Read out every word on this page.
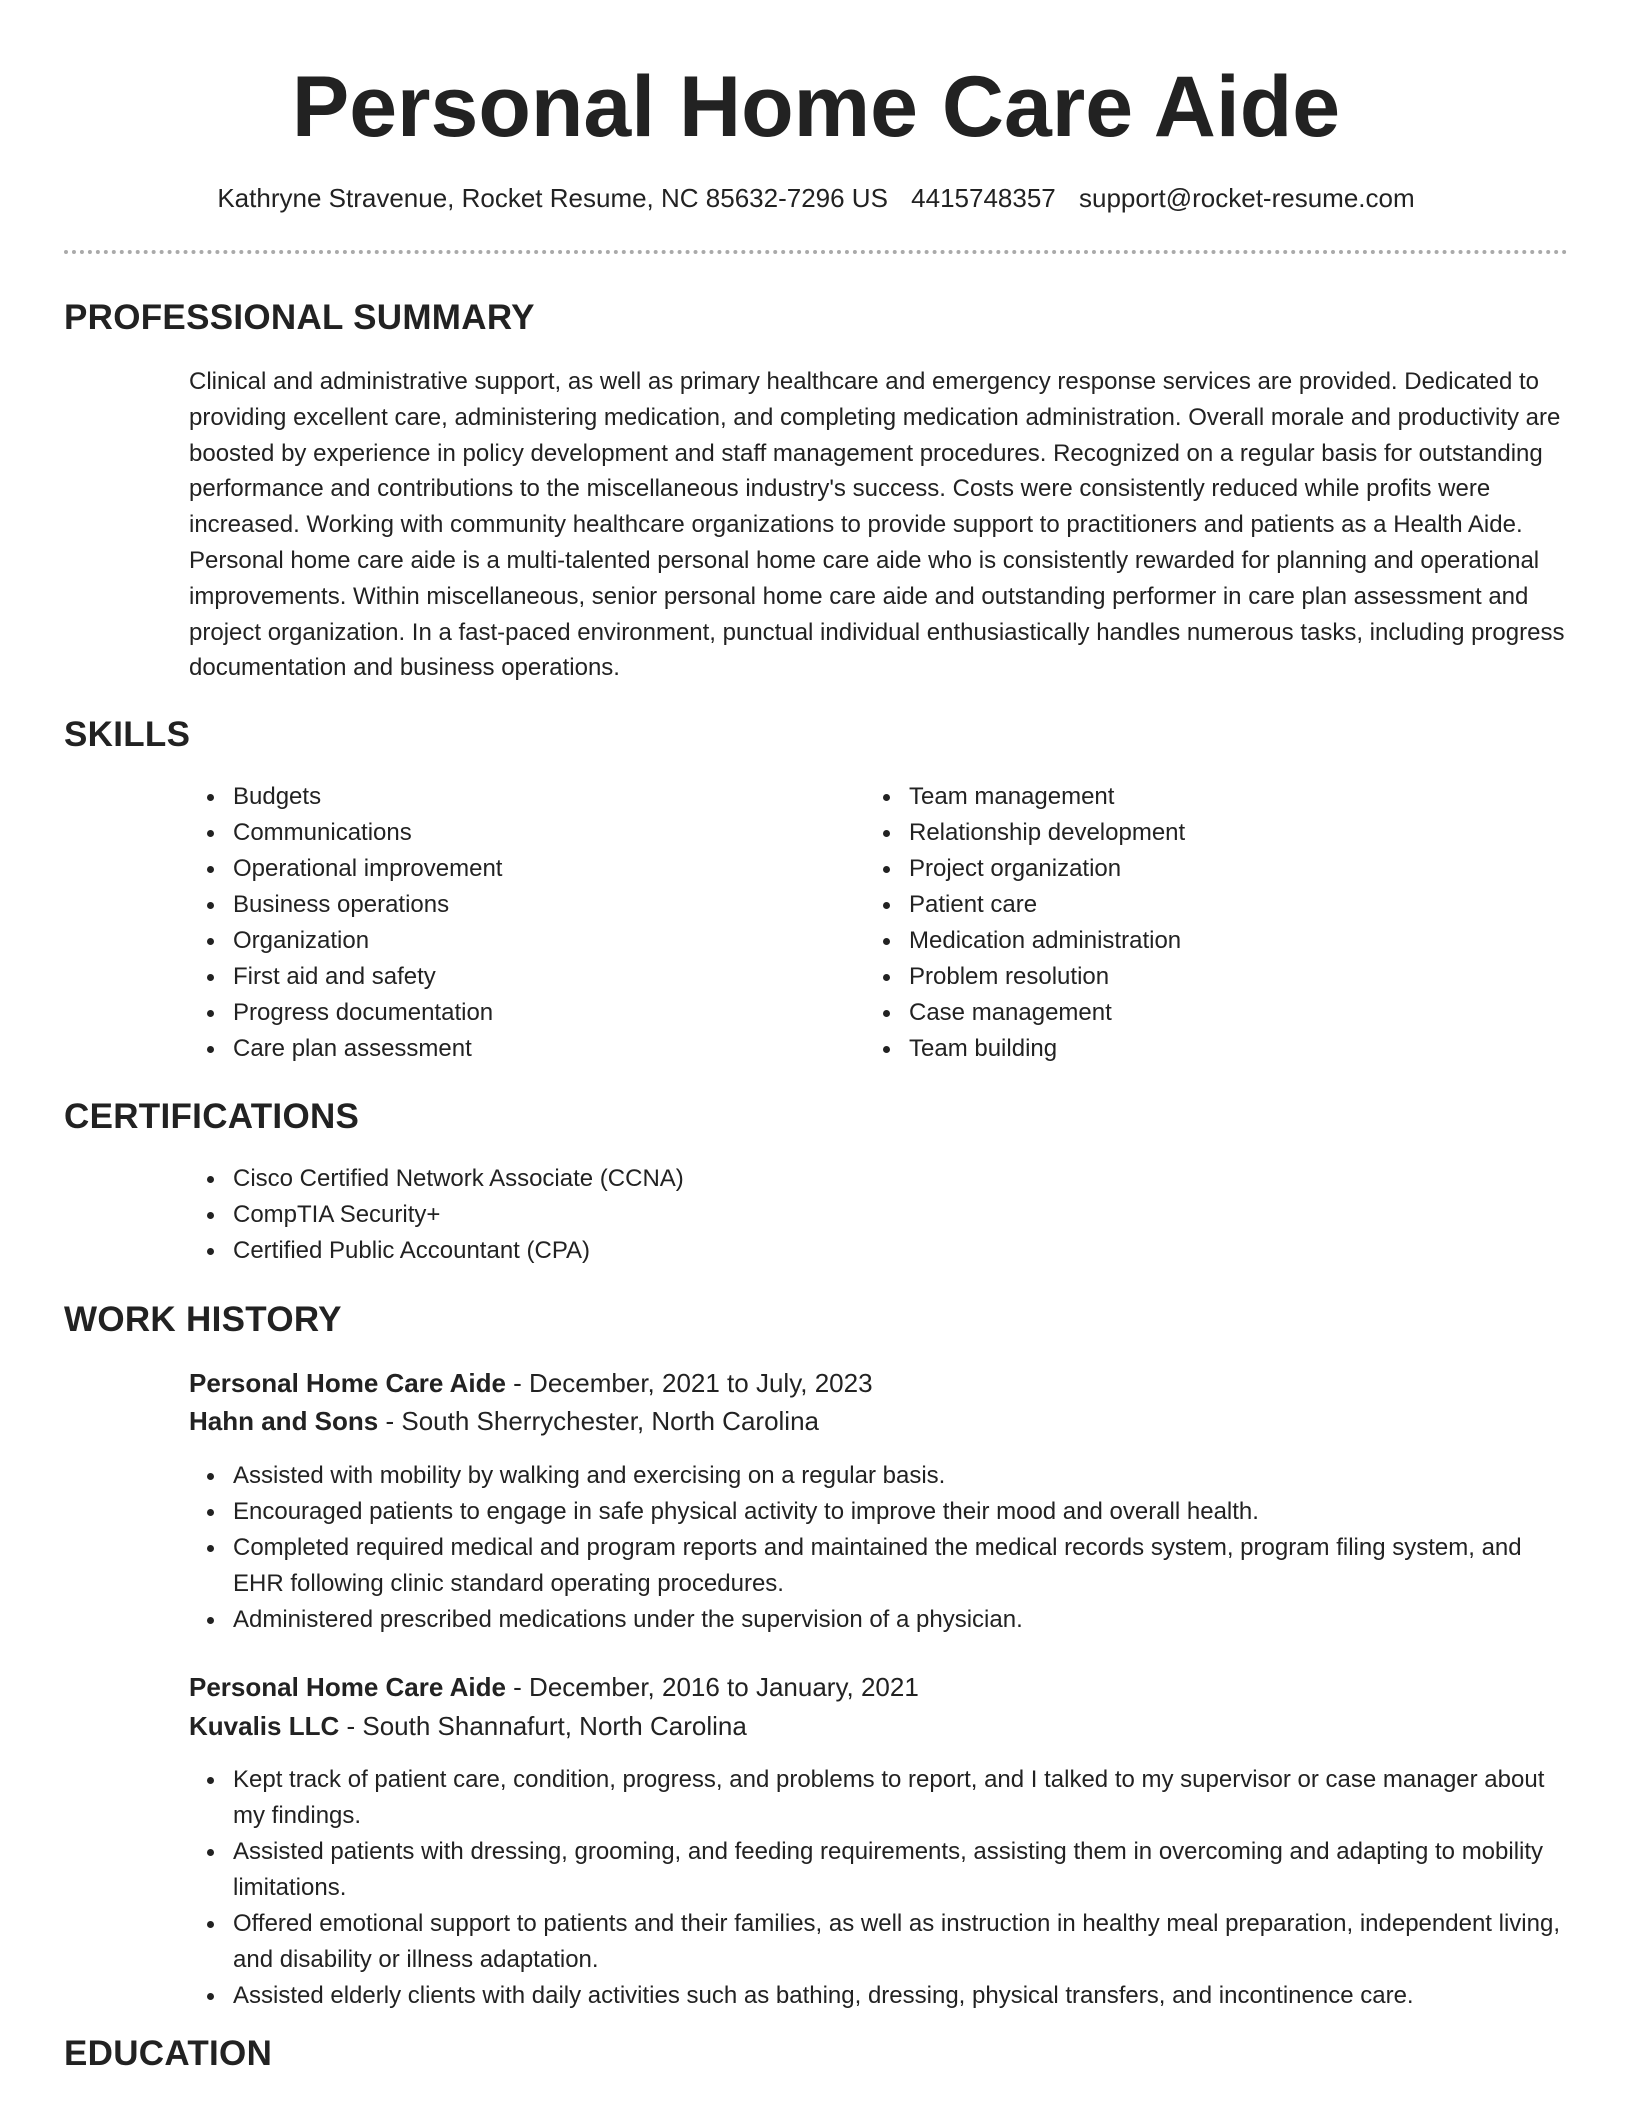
Personal Home Care Aide
Kathryne Stravenue, Rocket Resume, NC 85632-7296 US 4415748357 support@rocket-resume.com
PROFESSIONAL SUMMARY

Clinical and administrative support, as well as primary healthcare and emergency response services are provided. Dedicated to providing excellent care, administering medication, and completing medication administration. Overall morale and productivity are boosted by experience in policy development and staff management procedures. Recognized on a regular basis for outstanding performance and contributions to the miscellaneous industry's success. Costs were consistently reduced while profits were increased. Working with community healthcare organizations to provide support to practitioners and patients as a Health Aide. Personal home care aide is a multi-talented personal home care aide who is consistently rewarded for planning and operational improvements. Within miscellaneous, senior personal home care aide and outstanding performer in care plan assessment and project organization. In a fast-paced environment, punctual individual enthusiastically handles numerous tasks, including progress documentation and business operations.

SKILLS
Budgets
Communications
Operational improvement
Business operations
Organization
First aid and safety
Progress documentation
Care plan assessment
Team management
Relationship development
Project organization
Patient care
Medication administration
Problem resolution
Case management
Team building
CERTIFICATIONS
Cisco Certified Network Associate (CCNA)
CompTIA Security+
Certified Public Accountant (CPA)
WORK HISTORY
Personal Home Care Aide - December, 2021 to July, 2023
Hahn and Sons - South Sherrychester, North Carolina
Assisted with mobility by walking and exercising on a regular basis.
Encouraged patients to engage in safe physical activity to improve their mood and overall health.
Completed required medical and program reports and maintained the medical records system, program filing system, and EHR following clinic standard operating procedures.
Administered prescribed medications under the supervision of a physician.
Personal Home Care Aide - December, 2016 to January, 2021
Kuvalis LLC - South Shannafurt, North Carolina
Kept track of patient care, condition, progress, and problems to report, and I talked to my supervisor or case manager about my findings.
Assisted patients with dressing, grooming, and feeding requirements, assisting them in overcoming and adapting to mobility limitations.
Offered emotional support to patients and their families, as well as instruction in healthy meal preparation, independent living, and disability or illness adaptation.
Assisted elderly clients with daily activities such as bathing, dressing, physical transfers, and incontinence care.
EDUCATION
